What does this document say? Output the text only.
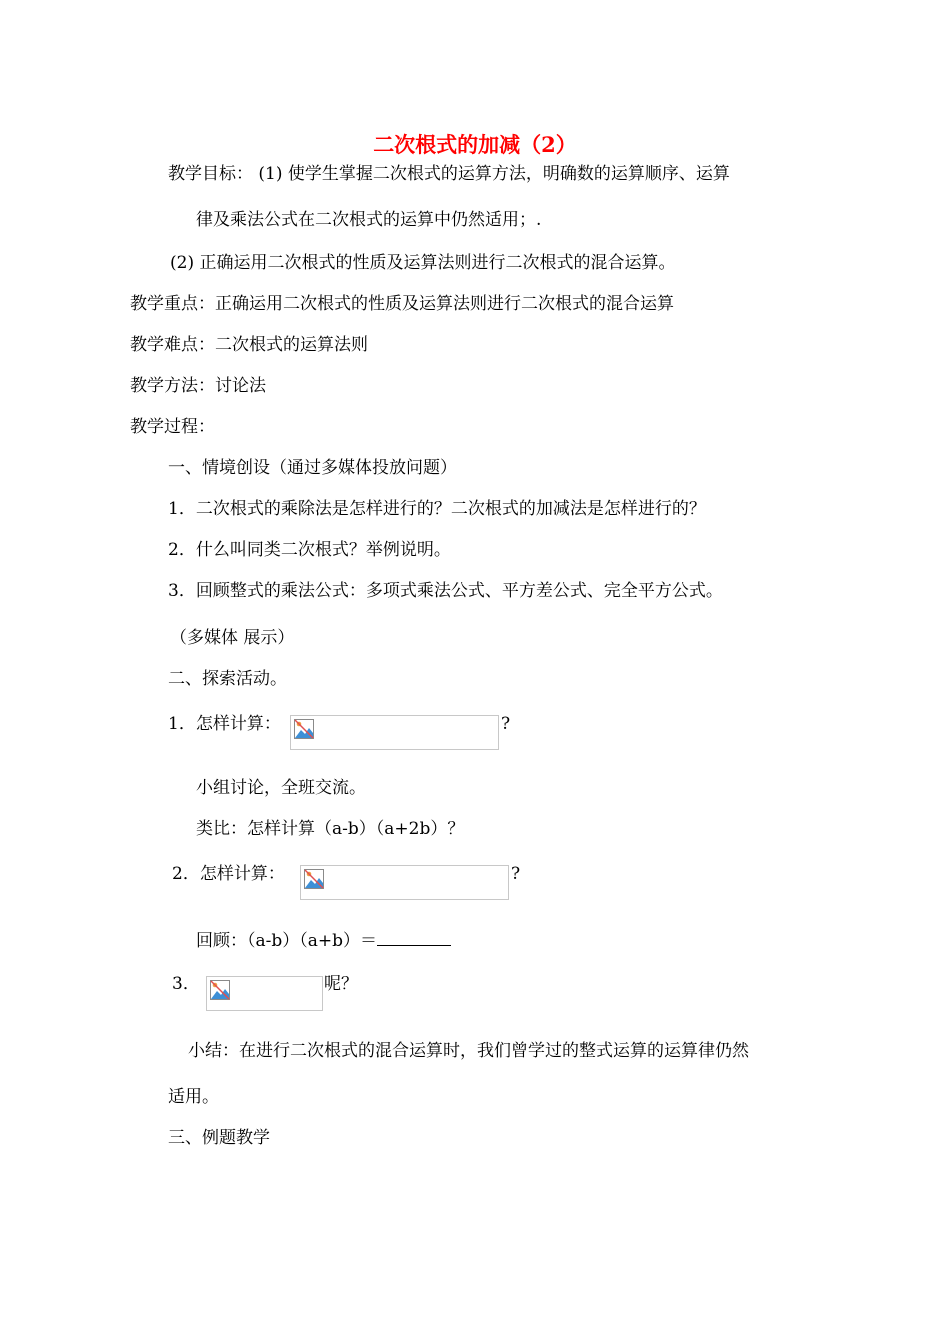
二次根式的加减（2）
教学目标： (1) 使学生掌握二次根式的运算方法，明确数的运算顺序、运算
律及乘法公式在二次根式的运算中仍然适用；.
(2) 正确运用二次根式的性质及运算法则进行二次根式的混合运算。
教学重点：正确运用二次根式的性质及运算法则进行二次根式的混合运算
教学难点：二次根式的运算法则
教学方法：讨论法
教学过程：
一、情境创设（通过多媒体投放问题）
1．二次根式的乘除法是怎样进行的？二次根式的加减法是怎样进行的？
2．什么叫同类二次根式？举例说明。
3．回顾整式的乘法公式：多项式乘法公式、平方差公式、完全平方公式。
（多媒体 展示）
二、探索活动。
1．怎样计算：	?
小组讨论，全班交流。
类比：怎样计算（a-b）（a+2b）？
2．怎样计算：	?
回顾：（a-b）（a+b）＝
3．	呢？
小结：在进行二次根式的混合运算时，我们曾学过的整式运算的运算律仍然
适用。
三、例题教学
